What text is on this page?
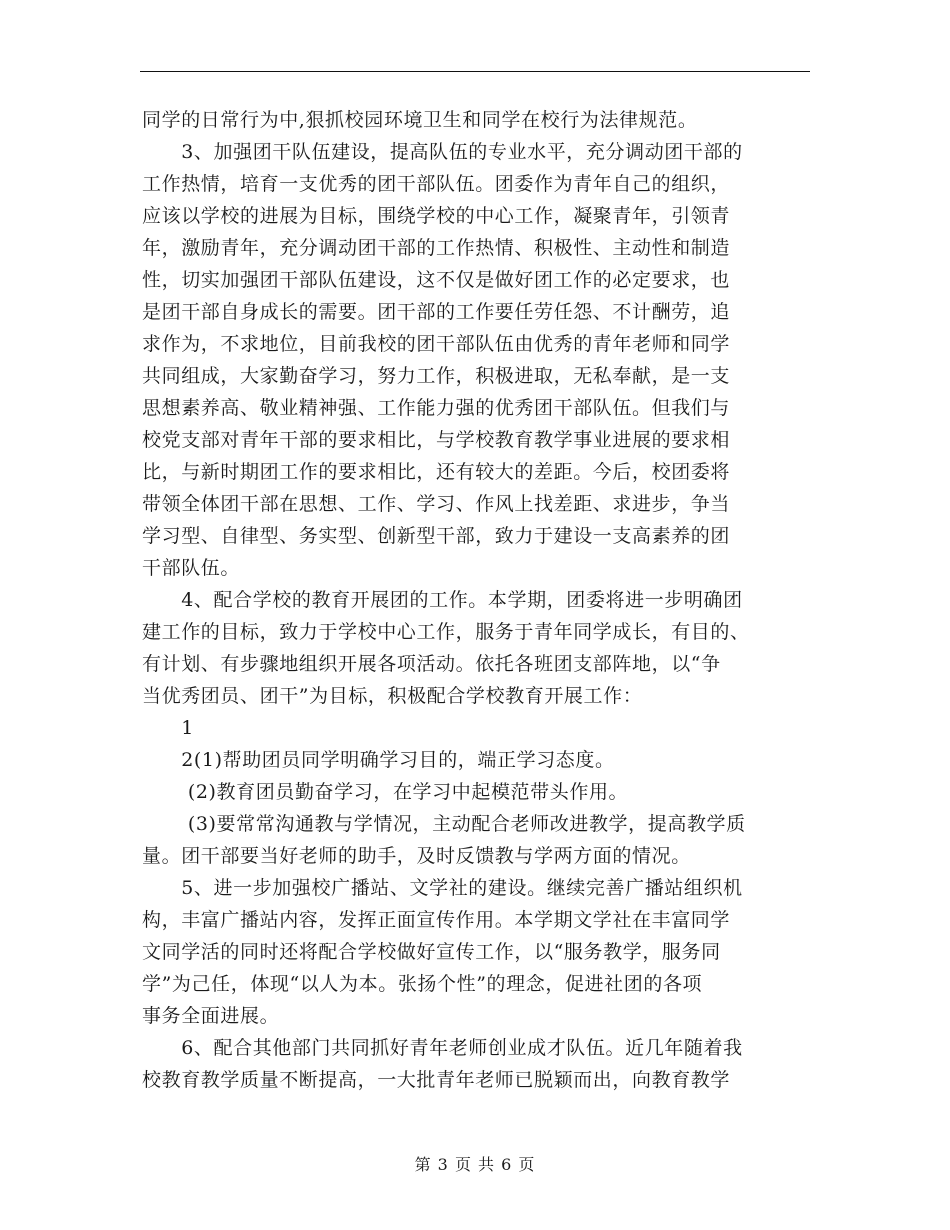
同学的日常行为中,狠抓校园环境卫生和同学在校行为法律规范。
　　3、加强团干队伍建设，提高队伍的专业水平，充分调动团干部的
工作热情，培育一支优秀的团干部队伍。团委作为青年自己的组织，
应该以学校的进展为目标，围绕学校的中心工作，凝聚青年，引领青
年，激励青年，充分调动团干部的工作热情、积极性、主动性和制造
性，切实加强团干部队伍建设，这不仅是做好团工作的必定要求，也
是团干部自身成长的需要。团干部的工作要任劳任怨、不计酬劳，追
求作为，不求地位，目前我校的团干部队伍由优秀的青年老师和同学
共同组成，大家勤奋学习，努力工作，积极进取，无私奉献，是一支
思想素养高、敬业精神强、工作能力强的优秀团干部队伍。但我们与
校党支部对青年干部的要求相比，与学校教育教学事业进展的要求相
比，与新时期团工作的要求相比，还有较大的差距。今后，校团委将
带领全体团干部在思想、工作、学习、作风上找差距、求进步，争当
学习型、自律型、务实型、创新型干部，致力于建设一支高素养的团
干部队伍。
　　4、配合学校的教育开展团的工作。本学期，团委将进一步明确团
建工作的目标，致力于学校中心工作，服务于青年同学成长，有目的、
有计划、有步骤地组织开展各项活动。依托各班团支部阵地，以“争
当优秀团员、团干”为目标，积极配合学校教育开展工作：
　　1
　　2(1)帮助团员同学明确学习目的，端正学习态度。
　　 (2)教育团员勤奋学习，在学习中起模范带头作用。
　　 (3)要常常沟通教与学情况，主动配合老师改进教学，提高教学质
量。团干部要当好老师的助手，及时反馈教与学两方面的情况。
　　5、进一步加强校广播站、文学社的建设。继续完善广播站组织机
构，丰富广播站内容，发挥正面宣传作用。本学期文学社在丰富同学
文同学活的同时还将配合学校做好宣传工作，以“服务教学，服务同
学”为己任，体现“以人为本。张扬个性”的理念，促进社团的各项
事务全面进展。
　　6、配合其他部门共同抓好青年老师创业成才队伍。近几年随着我
校教育教学质量不断提高，一大批青年老师已脱颖而出，向教育教学
第 3 页 共 6 页
